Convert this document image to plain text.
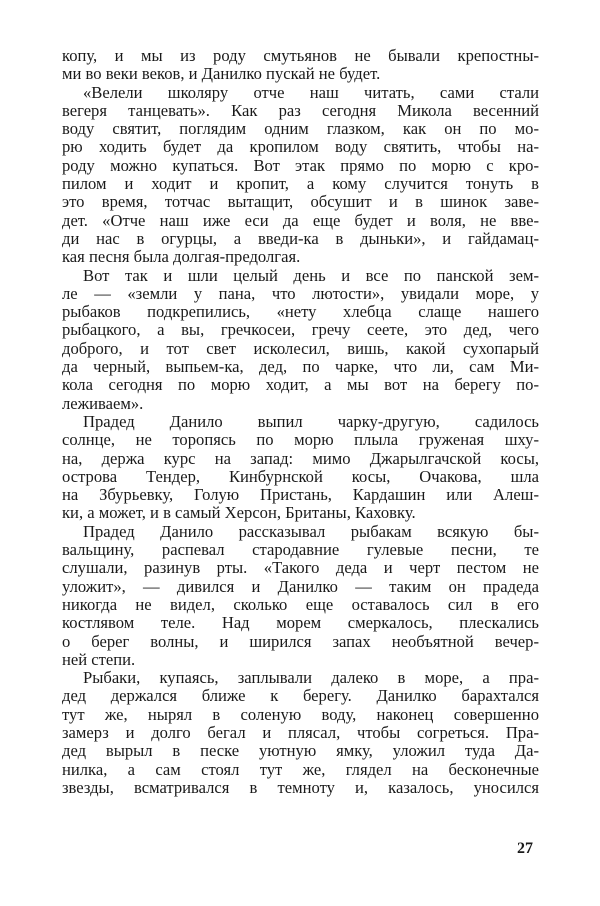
копу, и мы из роду смутьянов не бывали крепостны-
ми во веки веков, и Данилко пускай не будет.
«Велели школяру отче наш читать, сами стали
вегеря танцевать». Как раз сегодня Микола весенний
воду святит, поглядим одним глазком, как он по мо-
рю ходить будет да кропилом воду святить, чтобы на-
роду можно купаться. Вот этак прямо по морю с кро-
пилом и ходит и кропит, а кому случится тонуть в
это время, тотчас вытащит, обсушит и в шинок заве-
дет. «Отче наш иже еси да еще будет и воля, не вве-
ди нас в огурцы, а введи-ка в дыньки», и гайдамац-
кая песня была долгая-предолгая.
Вот так и шли целый день и все по панской зем-
ле — «земли у пана, что лютости», увидали море, у
рыбаков подкрепились, «нету хлебца слаще нашего
рыбацкого, а вы, гречкосеи, гречу сеете, это дед, чего
доброго, и тот свет исколесил, вишь, какой сухопарый
да черный, выпьем-ка, дед, по чарке, что ли, сам Ми-
кола сегодня по морю ходит, а мы вот на берегу по-
леживаем».
Прадед Данило выпил чарку-другую, садилось
солнце, не торопясь по морю плыла груженая шху-
на, держа курс на запад: мимо Джарылгачской косы,
острова Тендер, Кинбурнской косы, Очакова, шла
на Збурьевку, Голую Пристань, Кардашин или Алеш-
ки, а может, и в самый Херсон, Британы, Каховку.
Прадед Данило рассказывал рыбакам всякую бы-
вальщину, распевал стародавние гулевые песни, те
слушали, разинув рты. «Такого деда и черт пестом не
уложит», — дивился и Данилко — таким он прадеда
никогда не видел, сколько еще оставалось сил в его
костлявом теле. Над морем смеркалось, плескались
о берег волны, и ширился запах необъятной вечер-
ней степи.
Рыбаки, купаясь, заплывали далеко в море, а пра-
дед держался ближе к берегу. Данилко барахтался
тут же, нырял в соленую воду, наконец совершенно
замерз и долго бегал и плясал, чтобы согреться. Пра-
дед вырыл в песке уютную ямку, уложил туда Да-
нилка, а сам стоял тут же, глядел на бесконечные
звезды, всматривался в темноту и, казалось, уносился
27
